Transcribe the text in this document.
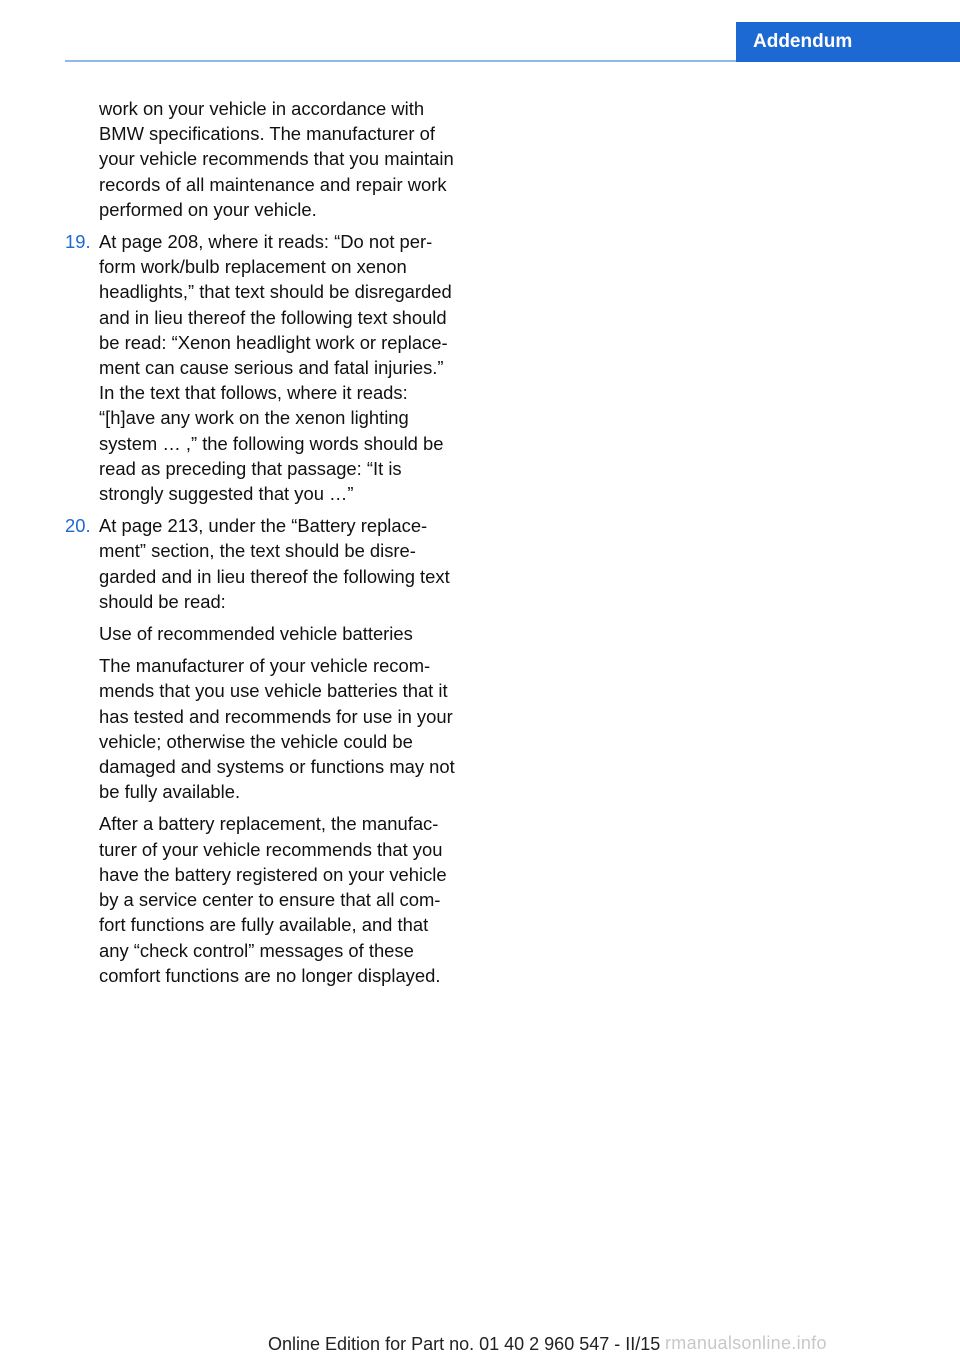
Addendum

work on your vehicle in accordance with

BMW specifications. The manufacturer of

your vehicle recommends that you maintain

records of all maintenance and repair work

performed on your vehicle.

19. At page 208, where it reads: “Do not per‐

form work/bulb replacement on xenon

headlights,” that text should be disregarded

and in lieu thereof the following text should

be read: “Xenon headlight work or replace‐

ment can cause serious and fatal injuries.”

In the text that follows, where it reads:

“[h]ave any work on the xenon lighting

system … ,” the following words should be

read as preceding that passage: “It is

strongly suggested that you …”

20. At page 213, under the “Battery replace‐

ment” section, the text should be disre‐

garded and in lieu thereof the following text

should be read:

Use of recommended vehicle batteries

The manufacturer of your vehicle recom‐

mends that you use vehicle batteries that it

has tested and recommends for use in your

vehicle; otherwise the vehicle could be

damaged and systems or functions may not

be fully available.

After a battery replacement, the manufac‐

turer of your vehicle recommends that you

have the battery registered on your vehicle

by a service center to ensure that all com‐

fort functions are fully available, and that

any “check control” messages of these

comfort functions are no longer displayed.

Online Edition for Part no. 01 40 2 960 547 - II/15 rmanualsonline.info
